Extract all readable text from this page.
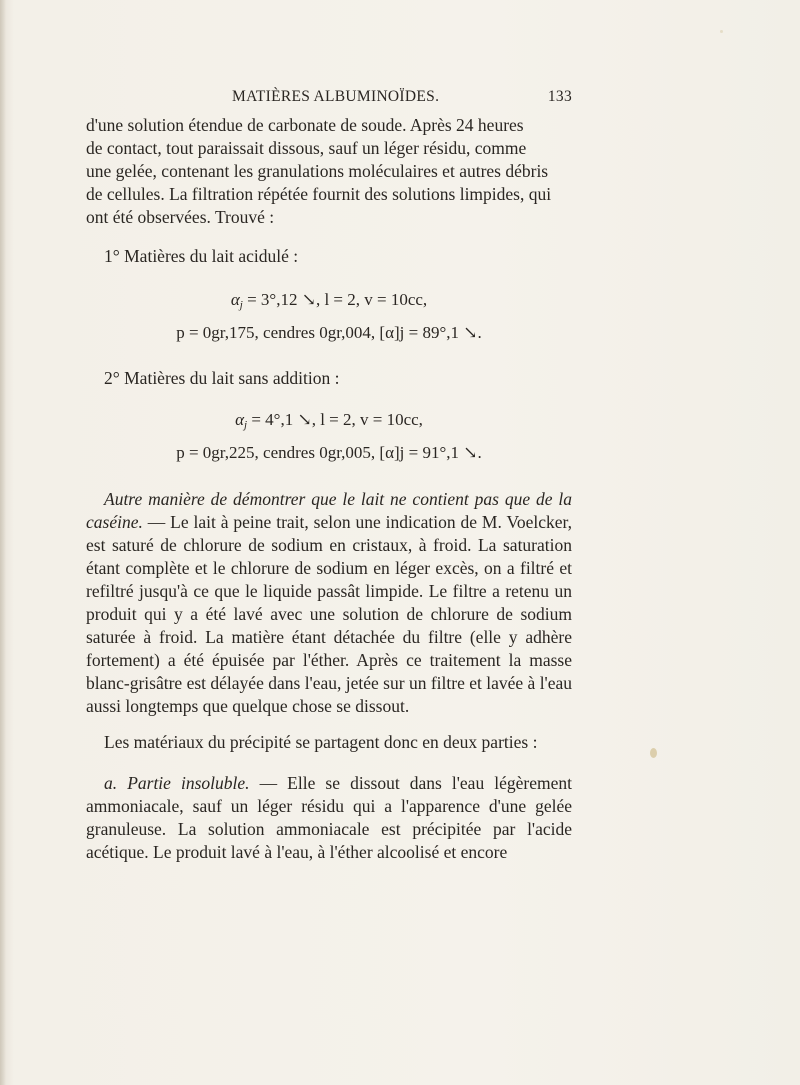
MATIÈRES ALBUMINOÏDES.	133

d'une solution étendue de carbonate de soude. Après 24 heures

de contact, tout paraissait dissous, sauf un léger résidu, comme

une gelée, contenant les granulations moléculaires et autres débris

de cellules. La filtration répétée fournit des solutions limpides, qui

ont été observées. Trouvé :

1° Matières du lait acidulé :
αj = 3°,12 ↘, l = 2, v = 10cc,
p = 0gr,175, cendres 0gr,004, [α]j = 89°,1 ↘.
2° Matières du lait sans addition :
αj = 4°,1 ↘, l = 2, v = 10cc,
p = 0gr,225, cendres 0gr,005, [α]j = 91°,1 ↘.
Autre manière de démontrer que le lait ne contient pas que de la caséine. — Le lait à peine trait, selon une indication de M. Voelcker, est saturé de chlorure de sodium en cristaux, à froid. La saturation étant complète et le chlorure de sodium en léger excès, on a filtré et refiltré jusqu'à ce que le liquide passât limpide. Le filtre a retenu un produit qui y a été lavé avec une solution de chlorure de sodium saturée à froid. La matière étant détachée du filtre (elle y adhère fortement) a été épuisée par l'éther. Après ce traitement la masse blanc-grisâtre est délayée dans l'eau, jetée sur un filtre et lavée à l'eau aussi longtemps que quelque chose se dissout.
Les matériaux du précipité se partagent donc en deux parties :
a. Partie insoluble. — Elle se dissout dans l'eau légèrement ammoniacale, sauf un léger résidu qui a l'apparence d'une gelée granuleuse. La solution ammoniacale est précipitée par l'acide acétique. Le produit lavé à l'eau, à l'éther alcoolisé et encore
